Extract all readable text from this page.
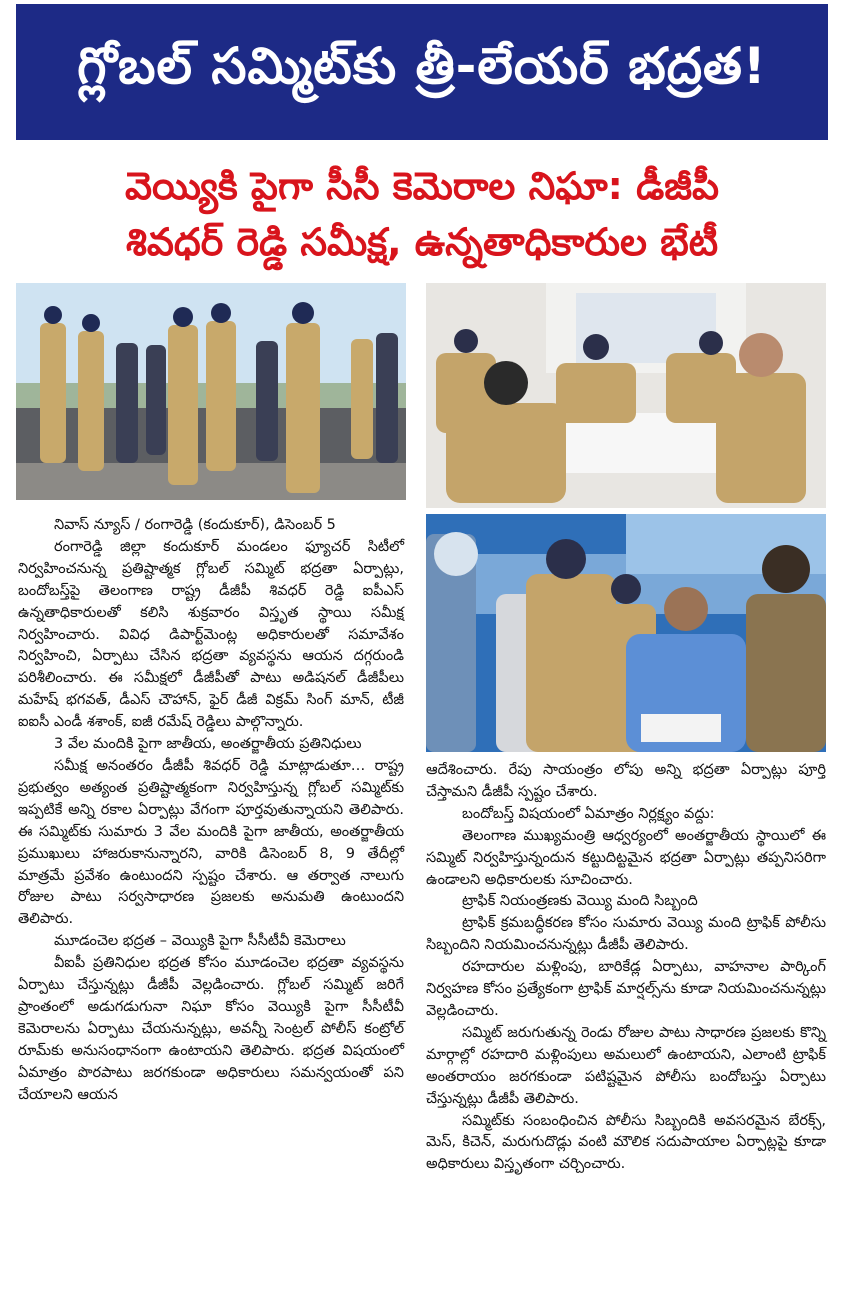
గ్లోబల్ సమ్మిట్‌కు త్రీ-లేయర్ భద్రత!
వెయ్యికి పైగా సీసీ కెమెరాల నిఘా: డీజీపీ
శివధర్ రెడ్డి సమీక్ష, ఉన్నతాధికారుల భేటీ

నివాస్ న్యూస్ / రంగారెడ్డి (కందుకూర్), డిసెంబర్ 5

రంగారెడ్డి జిల్లా కందుకూర్ మండలం ఫ్యూచర్ సిటీలో నిర్వహించనున్న ప్రతిష్టాత్మక గ్లోబల్ సమ్మిట్ భద్రతా ఏర్పాట్లు, బందోబస్త్‌పై తెలంగాణ రాష్ట్ర డీజీపీ శివధర్ రెడ్డి ఐపీఎస్ ఉన్నతాధికారులతో కలిసి శుక్రవారం విస్తృత స్థాయి సమీక్ష నిర్వహించారు. వివిధ డిపార్ట్‌మెంట్ల అధికారులతో సమావేశం నిర్వహించి, ఏర్పాటు చేసిన భద్రతా వ్యవస్థను ఆయన దగ్గరుండి పరిశీలించారు. ఈ సమీక్షలో డీజీపీతో పాటు అడిషనల్ డీజీపీలు మహేష్ భగవత్, డీఎస్ చౌహాన్, ఫైర్ డీజీ విక్రమ్ సింగ్ మాన్, టీజీ ఐఐసీ ఎండీ శశాంక్, ఐజీ రమేష్ రెడ్డిలు పాల్గొన్నారు.

3 వేల మందికి పైగా జాతీయ, అంతర్జాతీయ ప్రతినిధులు

సమీక్ష అనంతరం డీజీపీ శివధర్ రెడ్డి మాట్లాడుతూ… రాష్ట్ర ప్రభుత్వం అత్యంత ప్రతిష్టాత్మకంగా నిర్వహిస్తున్న గ్లోబల్ సమ్మిట్‌కు ఇప్పటికే అన్ని రకాల ఏర్పాట్లు వేగంగా పూర్తవుతున్నాయని తెలిపారు. ఈ సమ్మిట్‌కు సుమారు 3 వేల మందికి పైగా జాతీయ, అంతర్జాతీయ ప్రముఖులు హాజరుకానున్నారని, వారికి డిసెంబర్ 8, 9 తేదీల్లో మాత్రమే ప్రవేశం ఉంటుందని స్పష్టం చేశారు. ఆ తర్వాత నాలుగు రోజుల పాటు సర్వసాధారణ ప్రజలకు అనుమతి ఉంటుందని తెలిపారు.

మూడంచెల భద్రత – వెయ్యికి పైగా సీసీటీవీ కెమెరాలు

వీఐపీ ప్రతినిధుల భద్రత కోసం మూడంచెల భద్రతా వ్యవస్థను ఏర్పాటు చేస్తున్నట్లు డీజీపీ వెల్లడించారు. గ్లోబల్ సమ్మిట్ జరిగే ప్రాంతంలో అడుగడుగునా నిఘా కోసం వెయ్యికి పైగా సీసీటీవీ కెమెరాలను ఏర్పాటు చేయనున్నట్లు, అవన్నీ సెంట్రల్ పోలీస్ కంట్రోల్ రూమ్‌కు అనుసంధానంగా ఉంటాయని తెలిపారు. భద్రత విషయంలో ఏమాత్రం పొరపాటు జరగకుండా అధికారులు సమన్వయంతో పని చేయాలని ఆయన

ఆదేశించారు. రేపు సాయంత్రం లోపు అన్ని భద్రతా ఏర్పాట్లు పూర్తి చేస్తామని డీజీపీ స్పష్టం చేశారు.

బందోబస్త్ విషయంలో ఏమాత్రం నిర్లక్ష్యం వద్దు:

తెలంగాణ ముఖ్యమంత్రి ఆధ్వర్యంలో అంతర్జాతీయ స్థాయిలో ఈ సమ్మిట్ నిర్వహిస్తున్నందున కట్టుదిట్టమైన భద్రతా ఏర్పాట్లు తప్పనిసరిగా ఉండాలని అధికారులకు సూచించారు.

ట్రాఫిక్ నియంత్రణకు వెయ్యి మంది సిబ్బంది

ట్రాఫిక్ క్రమబద్ధీకరణ కోసం సుమారు వెయ్యి మంది ట్రాఫిక్ పోలీసు సిబ్బందిని నియమించనున్నట్లు డీజీపీ తెలిపారు.

రహదారుల మళ్లింపు, బారికేడ్ల ఏర్పాటు, వాహనాల పార్కింగ్ నిర్వహణ కోసం ప్రత్యేకంగా ట్రాఫిక్ మార్షల్స్‌ను కూడా నియమించనున్నట్లు వెల్లడించారు.

సమ్మిట్ జరుగుతున్న రెండు రోజుల పాటు సాధారణ ప్రజలకు కొన్ని మార్గాల్లో రహదారి మళ్లింపులు అమలులో ఉంటాయని, ఎలాంటి ట్రాఫిక్ అంతరాయం జరగకుండా పటిష్టమైన పోలీసు బందోబస్తు ఏర్పాటు చేస్తున్నట్లు డీజీపీ తెలిపారు.

సమ్మిట్‌కు సంబంధించిన పోలీసు సిబ్బందికి అవసరమైన బేరక్స్, మెస్, కిచెన్, మరుగుదొడ్లు వంటి మౌలిక సదుపాయాల ఏర్పాట్లపై కూడా అధికారులు విస్తృతంగా చర్చించారు.
